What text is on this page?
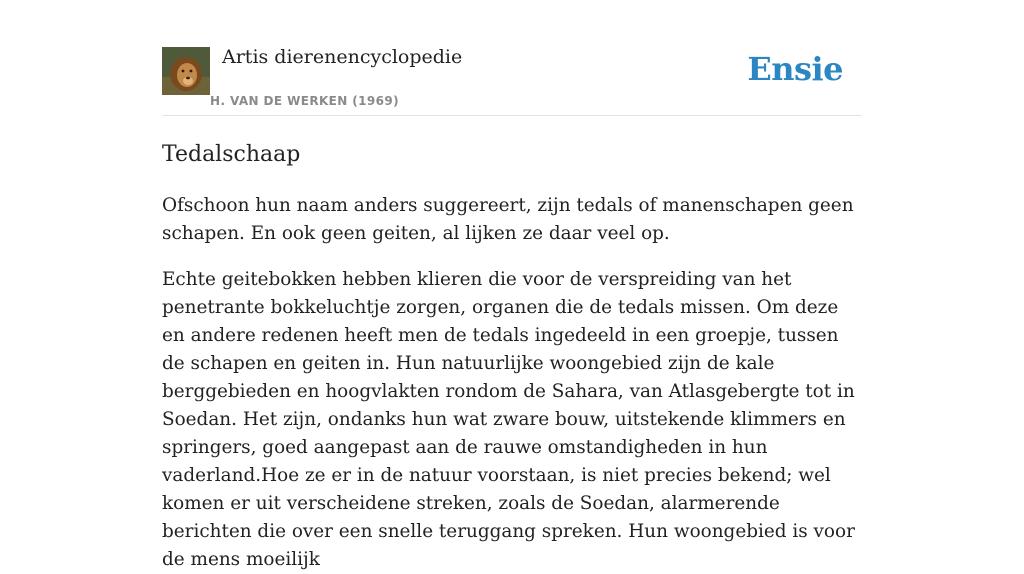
Artis dierenencyclopedie
H. VAN DE WERKEN (1969)
Ensie
Tedalschaap

Ofschoon hun naam anders suggereert, zijn tedals of manenschapen geen schapen. En ook geen geiten, al lijken ze daar veel op.

Echte geitebokken hebben klieren die voor de verspreiding van het penetrante bokkeluchtje zorgen, organen die de tedals missen. Om deze en andere redenen heeft men de tedals ingedeeld in een groepje, tussen de schapen en geiten in. Hun natuurlijke woongebied zijn de kale berggebieden en hoogvlakten rondom de Sahara, van Atlasgebergte tot in Soedan. Het zijn, ondanks hun wat zware bouw, uitstekende klimmers en springers, goed aangepast aan de rauwe omstandigheden in hun vaderland.Hoe ze er in de natuur voorstaan, is niet precies bekend; wel komen er uit verscheidene streken, zoals de Soedan, alarmerende berichten die over een snelle teruggang spreken. Hun woongebied is voor de mens moeilijk
